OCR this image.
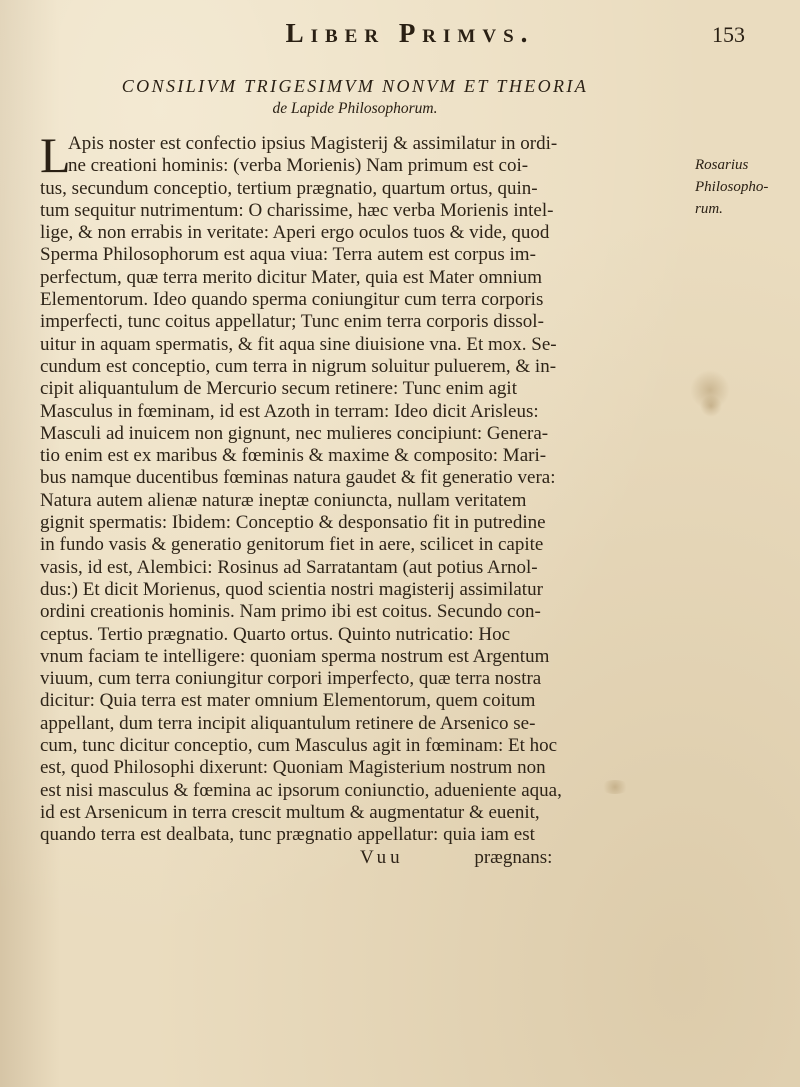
Liber Primvs.	153
CONSILIVM TRIGESIMVM NONVM ET THEORIA
de Lapide Philosophorum.
Rosarius
Philosopho-
rum.
L
Apis noster est confectio ipsius Magisterij & assimilatur in ordi-
ne creationi hominis: (verba Morienis) Nam primum est coi-
tus, secundum conceptio, tertium prægnatio, quartum ortus, quin-
tum sequitur nutrimentum: O charissime, hæc verba Morienis intel-
lige, & non errabis in veritate: Aperi ergo oculos tuos & vide, quod
Sperma Philosophorum est aqua viua: Terra autem est corpus im-
perfectum, quæ terra merito dicitur Mater, quia est Mater omnium
Elementorum. Ideo quando sperma coniungitur cum terra corporis
imperfecti, tunc coitus appellatur; Tunc enim terra corporis dissol-
uitur in aquam spermatis, & fit aqua sine diuisione vna. Et mox. Se-
cundum est conceptio, cum terra in nigrum soluitur puluerem, & in-
cipit aliquantulum de Mercurio secum retinere: Tunc enim agit
Masculus in fœminam, id est Azoth in terram: Ideo dicit Arisleus:
Masculi ad inuicem non gignunt, nec mulieres concipiunt: Genera-
tio enim est ex maribus & fœminis & maxime & composito: Mari-
bus namque ducentibus fœminas natura gaudet & fit generatio vera:
Natura autem alienæ naturæ ineptæ coniuncta, nullam veritatem
gignit spermatis: Ibidem: Conceptio & desponsatio fit in putredine
in fundo vasis & generatio genitorum fiet in aere, scilicet in capite
vasis, id est, Alembici: Rosinus ad Sarratantam (aut potius Arnol-
dus:) Et dicit Morienus, quod scientia nostri magisterij assimilatur
ordini creationis hominis. Nam primo ibi est coitus. Secundo con-
ceptus. Tertio prægnatio. Quarto ortus. Quinto nutricatio: Hoc
vnum faciam te intelligere: quoniam sperma nostrum est Argentum
viuum, cum terra coniungitur corpori imperfecto, quæ terra nostra
dicitur: Quia terra est mater omnium Elementorum, quem coitum
appellant, dum terra incipit aliquantulum retinere de Arsenico se-
cum, tunc dicitur conceptio, cum Masculus agit in fœminam: Et hoc
est, quod Philosophi dixerunt: Quoniam Magisterium nostrum non
est nisi masculus & fœmina ac ipsorum coniunctio, adueniente aqua,
id est Arsenicum in terra crescit multum & augmentatur & euenit,
quando terra est dealbata, tunc prægnatio appellatur: quia iam est
Vuu	prægnans:
